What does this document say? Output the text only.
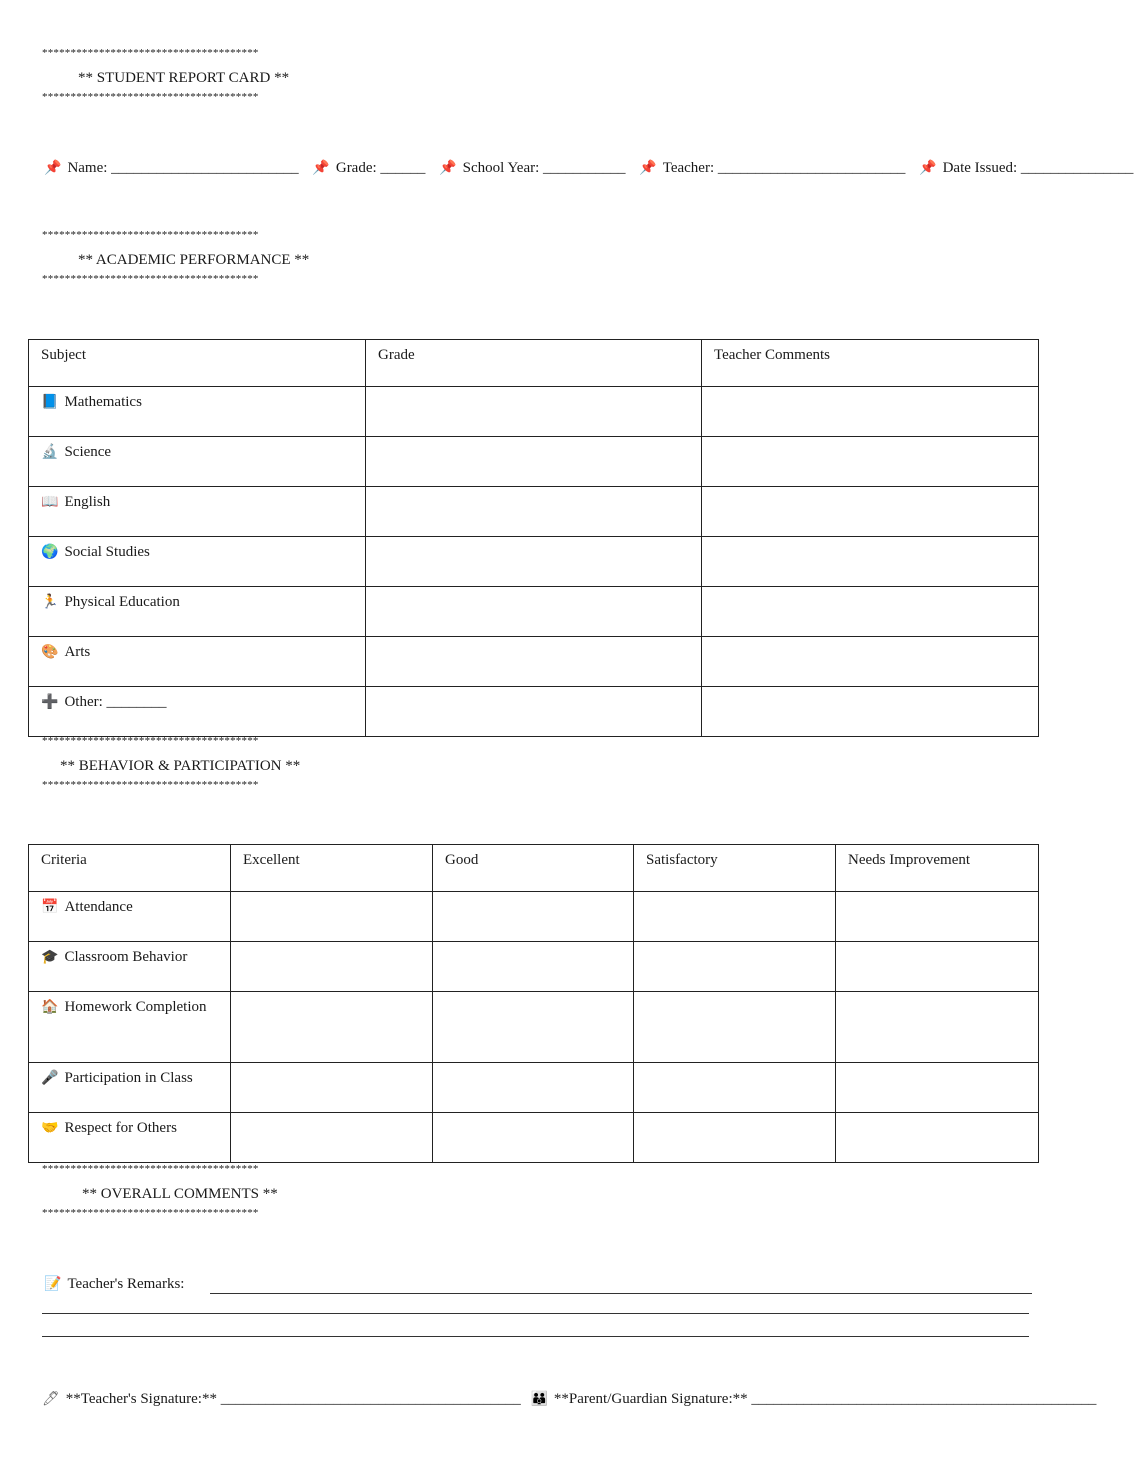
**************************************
** STUDENT REPORT CARD **
**************************************
📌 Name: _________________________ 📌 Grade: ______ 📌 School Year: ___________ 📌 Teacher: _________________________ 📌 Date Issued: _______________
**************************************
** ACADEMIC PERFORMANCE **
**************************************
Subject	Grade	Teacher Comments
📘 Mathematics		
🔬 Science		
📖 English		
🌍 Social Studies		
🏃 Physical Education		
🎨 Arts		
➕ Other: ________		
**************************************
** BEHAVIOR & PARTICIPATION **
**************************************
Criteria	Excellent	Good	Satisfactory	Needs Improvement
📅 Attendance				
🎓 Classroom Behavior				
🏠 Homework Completion				
🎤 Participation in Class				
🤝 Respect for Others				
**************************************
** OVERALL COMMENTS **
**************************************
📝 Teacher's Remarks:
🖊 **Teacher's Signature:** ________________________________________ 👪 **Parent/Guardian Signature:** ______________________________________________
